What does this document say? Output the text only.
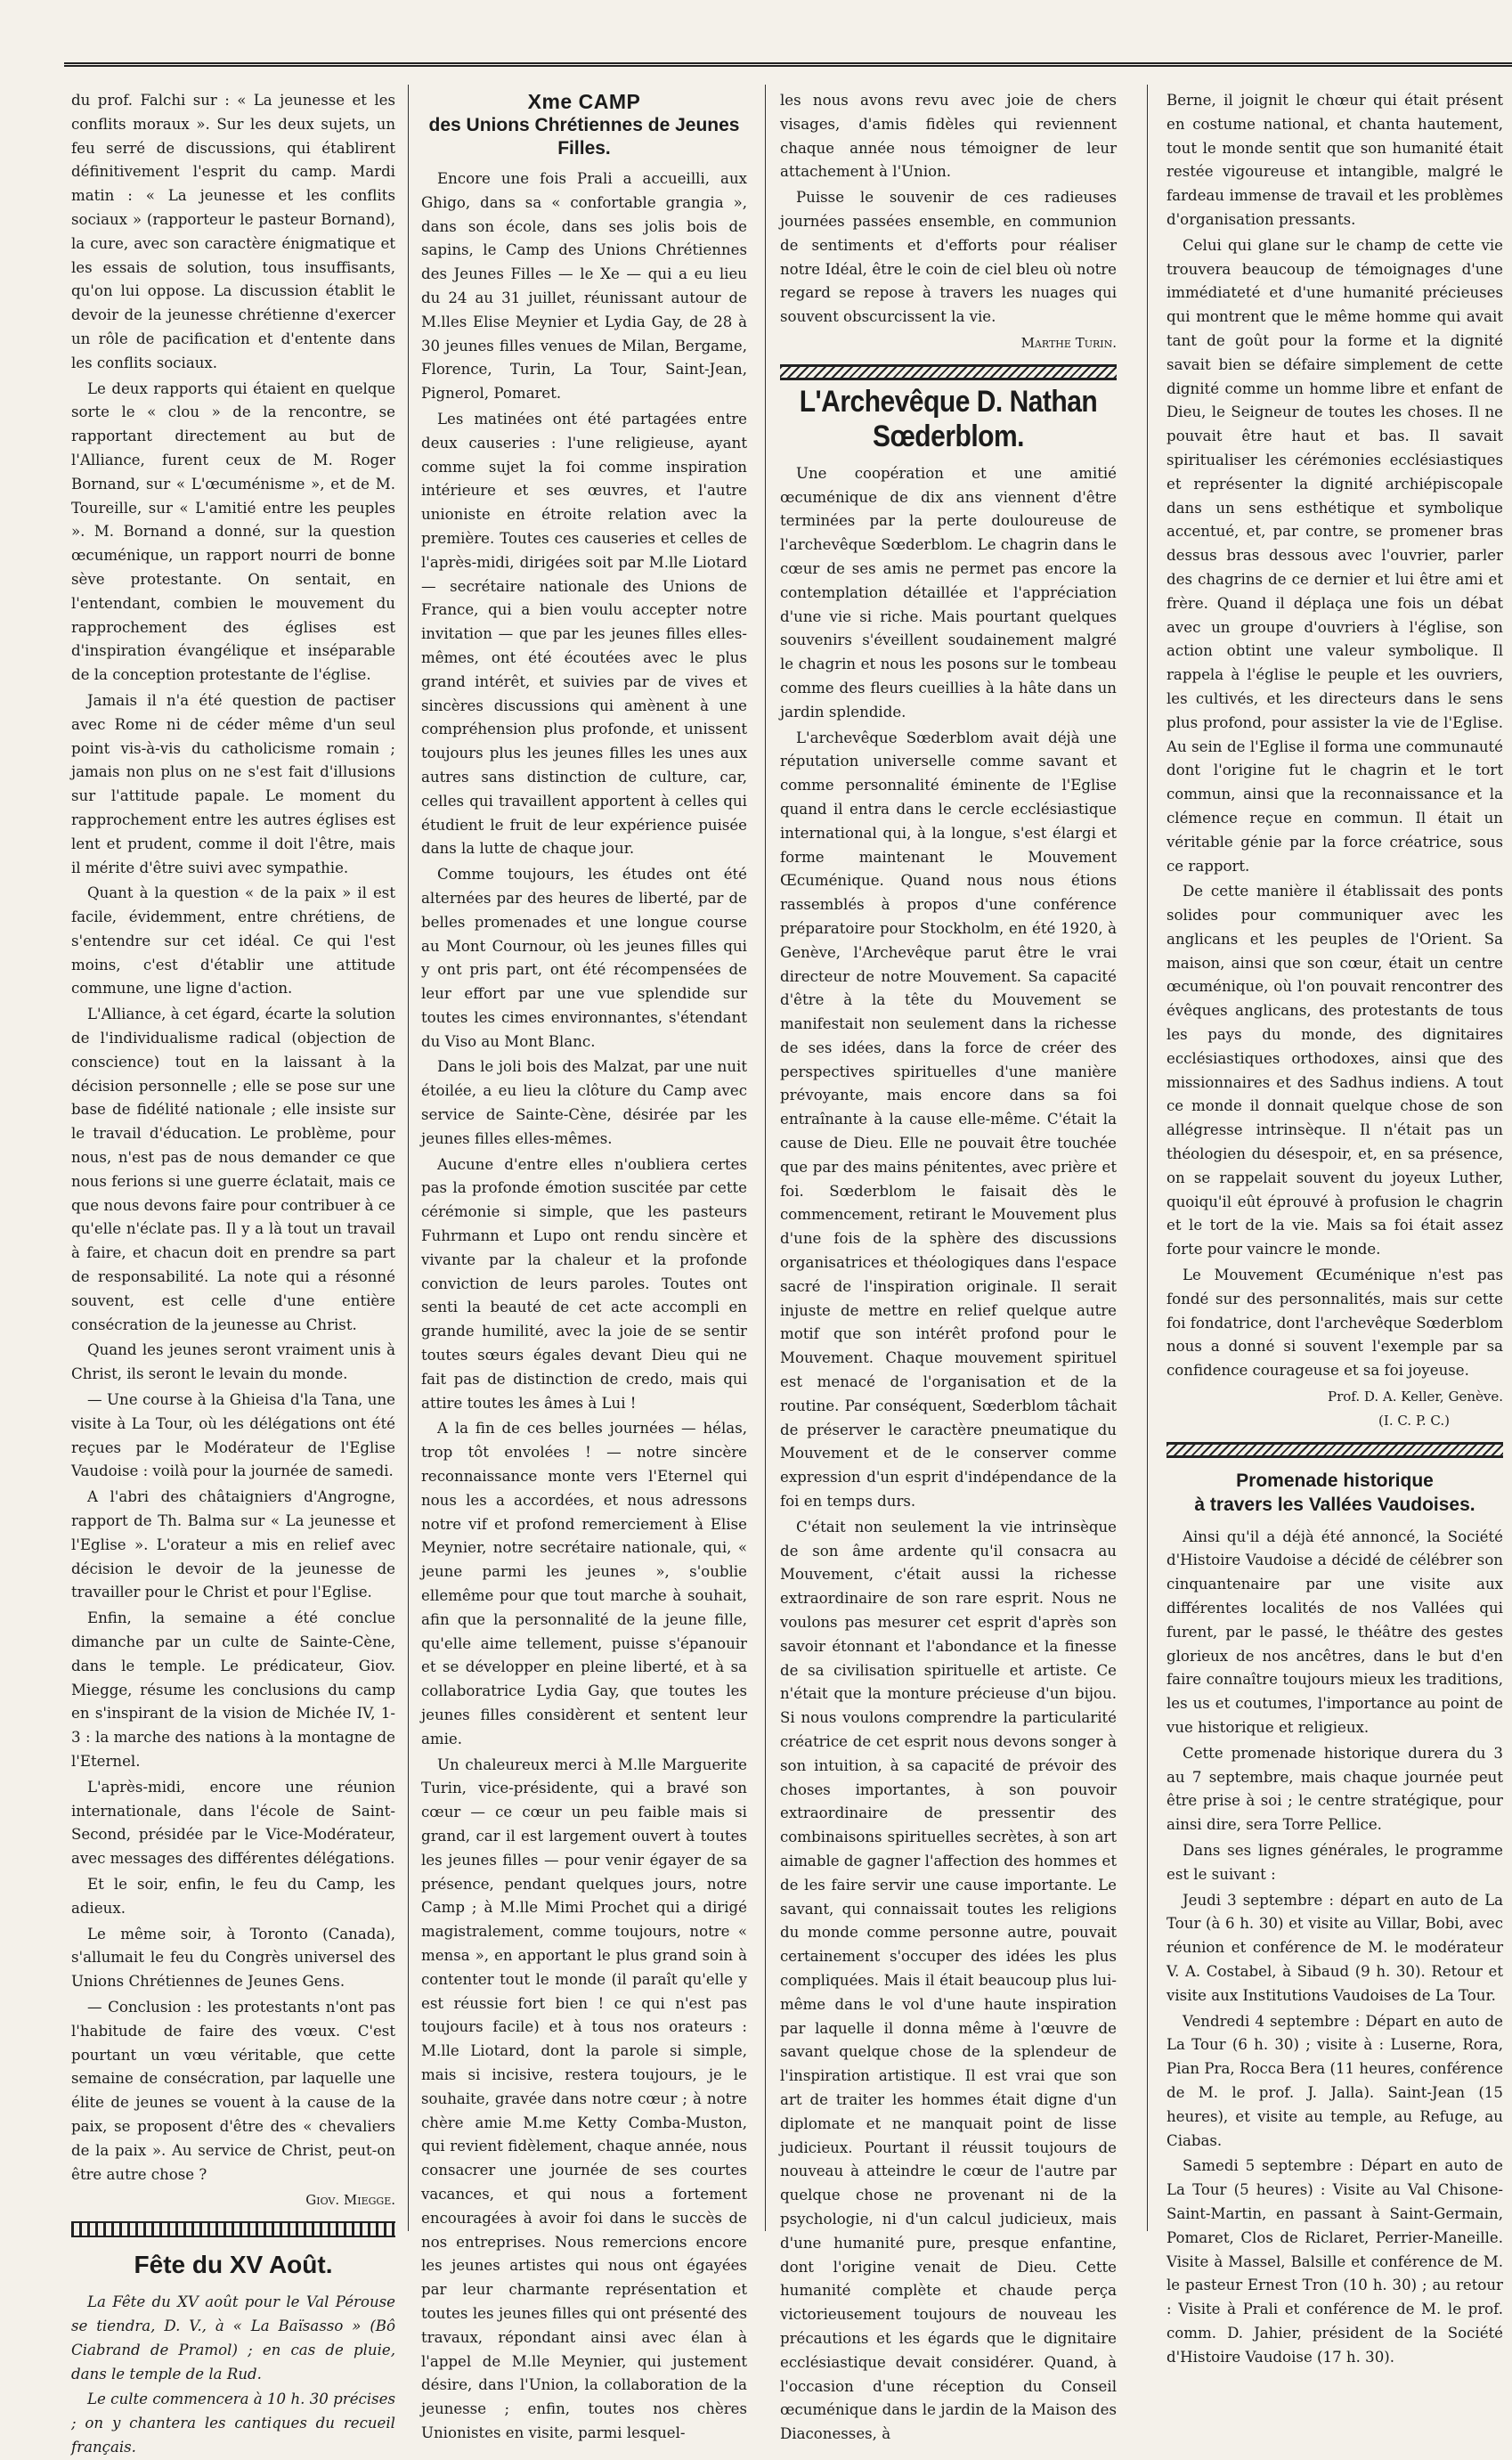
du prof. Falchi sur : « La jeunesse et les conflits moraux ». Sur les deux sujets, un feu serré de discussions, qui établirent définitivement l'esprit du camp. Mardi matin : « La jeunesse et les conflits sociaux » (rapporteur le pasteur Bornand), la cure, avec son caractère énigmatique et les essais de solution, tous insuffisants, qu'on lui oppose. La discussion établit le devoir de la jeunesse chrétienne d'exercer un rôle de pacification et d'entente dans les conflits sociaux.

Le deux rapports qui étaient en quelque sorte le « clou » de la rencontre, se rapportant directement au but de l'Alliance, furent ceux de M. Roger Bornand, sur « L'œcuménisme », et de M. Toureille, sur « L'amitié entre les peuples ». M. Bornand a donné, sur la question œcuménique, un rapport nourri de bonne sève protestante. On sentait, en l'entendant, combien le mouvement du rapprochement des églises est d'inspiration évangélique et inséparable de la conception protestante de l'église.

Jamais il n'a été question de pactiser avec Rome ni de céder même d'un seul point vis-à-vis du catholicisme romain ; jamais non plus on ne s'est fait d'illusions sur l'attitude papale. Le moment du rapprochement entre les autres églises est lent et prudent, comme il doit l'être, mais il mérite d'être suivi avec sympathie.

Quant à la question « de la paix » il est facile, évidemment, entre chrétiens, de s'entendre sur cet idéal. Ce qui l'est moins, c'est d'établir une attitude commune, une ligne d'action.

L'Alliance, à cet égard, écarte la solution de l'individualisme radical (objection de conscience) tout en la laissant à la décision personnelle ; elle se pose sur une base de fidélité nationale ; elle insiste sur le travail d'éducation. Le problème, pour nous, n'est pas de nous demander ce que nous ferions si une guerre éclatait, mais ce que nous devons faire pour contribuer à ce qu'elle n'éclate pas. Il y a là tout un travail à faire, et chacun doit en prendre sa part de responsabilité. La note qui a résonné souvent, est celle d'une entière consécration de la jeunesse au Christ.

Quand les jeunes seront vraiment unis à Christ, ils seront le levain du monde.

— Une course à la Ghieisa d'la Tana, une visite à La Tour, où les délégations ont été reçues par le Modérateur de l'Eglise Vaudoise : voilà pour la journée de samedi.

A l'abri des châtaigniers d'Angrogne, rapport de Th. Balma sur « La jeunesse et l'Eglise ». L'orateur a mis en relief avec décision le devoir de la jeunesse de travailler pour le Christ et pour l'Eglise.

Enfin, la semaine a été conclue dimanche par un culte de Sainte-Cène, dans le temple. Le prédicateur, Giov. Miegge, résume les conclusions du camp en s'inspirant de la vision de Michée IV, 1-3 : la marche des nations à la montagne de l'Eternel.

L'après-midi, encore une réunion internationale, dans l'école de Saint-Second, présidée par le Vice-Modérateur, avec messages des différentes délégations.

Et le soir, enfin, le feu du Camp, les adieux.

Le même soir, à Toronto (Canada), s'allumait le feu du Congrès universel des Unions Chrétiennes de Jeunes Gens.

— Conclusion : les protestants n'ont pas l'habitude de faire des vœux. C'est pourtant un vœu véritable, que cette semaine de consécration, par laquelle une élite de jeunes se vouent à la cause de la paix, se proposent d'être des « chevaliers de la paix ». Au service de Christ, peut-on être autre chose ?

Giov. Miegge.
Fête du XV Août.

La Fête du XV août pour le Val Pérouse se tiendra, D. V., à « La Baïsasso » (Bô Ciabrand de Pramol) ; en cas de pluie, dans le temple de la Rud.

Le culte commencera à 10 h. 30 précises ; on y chantera les cantiques du recueil français.

Xme CAMP
des Unions Chrétiennes de Jeunes Filles.

Encore une fois Prali a accueilli, aux Ghigo, dans sa « confortable grangia », dans son école, dans ses jolis bois de sapins, le Camp des Unions Chrétiennes des Jeunes Filles — le Xe — qui a eu lieu du 24 au 31 juillet, réunissant autour de M.lles Elise Meynier et Lydia Gay, de 28 à 30 jeunes filles venues de Milan, Bergame, Florence, Turin, La Tour, Saint-Jean, Pignerol, Pomaret.

Les matinées ont été partagées entre deux causeries : l'une religieuse, ayant comme sujet la foi comme inspiration intérieure et ses œuvres, et l'autre unioniste en étroite relation avec la première. Toutes ces causeries et celles de l'après-midi, dirigées soit par M.lle Liotard — secrétaire nationale des Unions de France, qui a bien voulu accepter notre invitation — que par les jeunes filles elles-mêmes, ont été écoutées avec le plus grand intérêt, et suivies par de vives et sincères discussions qui amènent à une compréhension plus profonde, et unissent toujours plus les jeunes filles les unes aux autres sans distinction de culture, car, celles qui travaillent apportent à celles qui étudient le fruit de leur expérience puisée dans la lutte de chaque jour.

Comme toujours, les études ont été alternées par des heures de liberté, par de belles promenades et une longue course au Mont Cournour, où les jeunes filles qui y ont pris part, ont été récompensées de leur effort par une vue splendide sur toutes les cimes environnantes, s'étendant du Viso au Mont Blanc.

Dans le joli bois des Malzat, par une nuit étoilée, a eu lieu la clôture du Camp avec service de Sainte-Cène, désirée par les jeunes filles elles-mêmes.

Aucune d'entre elles n'oubliera certes pas la profonde émotion suscitée par cette cérémonie si simple, que les pasteurs Fuhrmann et Lupo ont rendu sincère et vivante par la chaleur et la profonde conviction de leurs paroles. Toutes ont senti la beauté de cet acte accompli en grande humilité, avec la joie de se sentir toutes sœurs égales devant Dieu qui ne fait pas de distinction de credo, mais qui attire toutes les âmes à Lui !

A la fin de ces belles journées — hélas, trop tôt envolées ! — notre sincère reconnaissance monte vers l'Eternel qui nous les a accordées, et nous adressons notre vif et profond remerciement à Elise Meynier, notre secrétaire nationale, qui, « jeune parmi les jeunes », s'oublie ellemême pour que tout marche à souhait, afin que la personnalité de la jeune fille, qu'elle aime tellement, puisse s'épanouir et se développer en pleine liberté, et à sa collaboratrice Lydia Gay, que toutes les jeunes filles considèrent et sentent leur amie.

Un chaleureux merci à M.lle Marguerite Turin, vice-présidente, qui a bravé son cœur — ce cœur un peu faible mais si grand, car il est largement ouvert à toutes les jeunes filles — pour venir égayer de sa présence, pendant quelques jours, notre Camp ; à M.lle Mimi Prochet qui a dirigé magistralement, comme toujours, notre « mensa », en apportant le plus grand soin à contenter tout le monde (il paraît qu'elle y est réussie fort bien ! ce qui n'est pas toujours facile) et à tous nos orateurs : M.lle Liotard, dont la parole si simple, mais si incisive, restera toujours, je le souhaite, gravée dans notre cœur ; à notre chère amie M.me Ketty Comba-Muston, qui revient fidèlement, chaque année, nous consacrer une journée de ses courtes vacances, et qui nous a fortement encouragées à avoir foi dans le succès de nos entreprises. Nous remercions encore les jeunes artistes qui nous ont égayées par leur charmante représentation et toutes les jeunes filles qui ont présenté des travaux, répondant ainsi avec élan à l'appel de M.lle Meynier, qui justement désire, dans l'Union, la collaboration de la jeunesse ; enfin, toutes nos chères Unionistes en visite, parmi lesquel-

les nous avons revu avec joie de chers visages, d'amis fidèles qui reviennent chaque année nous témoigner de leur attachement à l'Union.

Puisse le souvenir de ces radieuses journées passées ensemble, en communion de sentiments et d'efforts pour réaliser notre Idéal, être le coin de ciel bleu où notre regard se repose à travers les nuages qui souvent obscurcissent la vie.

Marthe Turin.
L'Archevêque D. Nathan Sœderblom.

Une coopération et une amitié œcuménique de dix ans viennent d'être terminées par la perte douloureuse de l'archevêque Sœderblom. Le chagrin dans le cœur de ses amis ne permet pas encore la contemplation détaillée et l'appréciation d'une vie si riche. Mais pourtant quelques souvenirs s'éveillent soudainement malgré le chagrin et nous les posons sur le tombeau comme des fleurs cueillies à la hâte dans un jardin splendide.

L'archevêque Sœderblom avait déjà une réputation universelle comme savant et comme personnalité éminente de l'Eglise quand il entra dans le cercle ecclésiastique international qui, à la longue, s'est élargi et forme maintenant le Mouvement Œcuménique. Quand nous nous étions rassemblés à propos d'une conférence préparatoire pour Stockholm, en été 1920, à Genève, l'Archevêque parut être le vrai directeur de notre Mouvement. Sa capacité d'être à la tête du Mouvement se manifestait non seulement dans la richesse de ses idées, dans la force de créer des perspectives spirituelles d'une manière prévoyante, mais encore dans sa foi entraînante à la cause elle-même. C'était la cause de Dieu. Elle ne pouvait être touchée que par des mains pénitentes, avec prière et foi. Sœderblom le faisait dès le commencement, retirant le Mouvement plus d'une fois de la sphère des discussions organisatrices et théologiques dans l'espace sacré de l'inspiration originale. Il serait injuste de mettre en relief quelque autre motif que son intérêt profond pour le Mouvement. Chaque mouvement spirituel est menacé de l'organisation et de la routine. Par conséquent, Sœderblom tâchait de préserver le caractère pneumatique du Mouvement et de le conserver comme expression d'un esprit d'indépendance de la foi en temps durs.

C'était non seulement la vie intrinsèque de son âme ardente qu'il consacra au Mouvement, c'était aussi la richesse extraordinaire de son rare esprit. Nous ne voulons pas mesurer cet esprit d'après son savoir étonnant et l'abondance et la finesse de sa civilisation spirituelle et artiste. Ce n'était que la monture précieuse d'un bijou. Si nous voulons comprendre la particularité créatrice de cet esprit nous devons songer à son intuition, à sa capacité de prévoir des choses importantes, à son pouvoir extraordinaire de pressentir des combinaisons spirituelles secrètes, à son art aimable de gagner l'affection des hommes et de les faire servir une cause importante. Le savant, qui connaissait toutes les religions du monde comme personne autre, pouvait certainement s'occuper des idées les plus compliquées. Mais il était beaucoup plus lui-même dans le vol d'une haute inspiration par laquelle il donna même à l'œuvre de savant quelque chose de la splendeur de l'inspiration artistique. Il est vrai que son art de traiter les hommes était digne d'un diplomate et ne manquait point de lisse judicieux. Pourtant il réussit toujours de nouveau à atteindre le cœur de l'autre par quelque chose ne provenant ni de la psychologie, ni d'un calcul judicieux, mais d'une humanité pure, presque enfantine, dont l'origine venait de Dieu. Cette humanité complète et chaude perça victorieusement toujours de nouveau les précautions et les égards que le dignitaire ecclésiastique devait considérer. Quand, à l'occasion d'une réception du Conseil œcuménique dans le jardin de la Maison des Diaconesses, à

Berne, il joignit le chœur qui était présent en costume national, et chanta hautement, tout le monde sentit que son humanité était restée vigoureuse et intangible, malgré le fardeau immense de travail et les problèmes d'organisation pressants.

Celui qui glane sur le champ de cette vie trouvera beaucoup de témoignages d'une immédiateté et d'une humanité précieuses qui montrent que le même homme qui avait tant de goût pour la forme et la dignité savait bien se défaire simplement de cette dignité comme un homme libre et enfant de Dieu, le Seigneur de toutes les choses. Il ne pouvait être haut et bas. Il savait spiritualiser les cérémonies ecclésiastiques et représenter la dignité archiépiscopale dans un sens esthétique et symbolique accentué, et, par contre, se promener bras dessus bras dessous avec l'ouvrier, parler des chagrins de ce dernier et lui être ami et frère. Quand il déplaça une fois un débat avec un groupe d'ouvriers à l'église, son action obtint une valeur symbolique. Il rappela à l'église le peuple et les ouvriers, les cultivés, et les directeurs dans le sens plus profond, pour assister la vie de l'Eglise. Au sein de l'Eglise il forma une communauté dont l'origine fut le chagrin et le tort commun, ainsi que la reconnaissance et la clémence reçue en commun. Il était un véritable génie par la force créatrice, sous ce rapport.

De cette manière il établissait des ponts solides pour communiquer avec les anglicans et les peuples de l'Orient. Sa maison, ainsi que son cœur, était un centre œcuménique, où l'on pouvait rencontrer des évêques anglicans, des protestants de tous les pays du monde, des dignitaires ecclésiastiques orthodoxes, ainsi que des missionnaires et des Sadhus indiens. A tout ce monde il donnait quelque chose de son allégresse intrinsèque. Il n'était pas un théologien du désespoir, et, en sa présence, on se rappelait souvent du joyeux Luther, quoiqu'il eût éprouvé à profusion le chagrin et le tort de la vie. Mais sa foi était assez forte pour vaincre le monde.

Le Mouvement Œcuménique n'est pas fondé sur des personnalités, mais sur cette foi fondatrice, dont l'archevêque Sœderblom nous a donné si souvent l'exemple par sa confidence courageuse et sa foi joyeuse.

Prof. D. A. Keller, Genève.
(I. C. P. C.)
Promenade historique
à travers les Vallées Vaudoises.

Ainsi qu'il a déjà été annoncé, la Société d'Histoire Vaudoise a décidé de célébrer son cinquantenaire par une visite aux différentes localités de nos Vallées qui furent, par le passé, le théâtre des gestes glorieux de nos ancêtres, dans le but d'en faire connaître toujours mieux les traditions, les us et coutumes, l'importance au point de vue historique et religieux.

Cette promenade historique durera du 3 au 7 septembre, mais chaque journée peut être prise à soi ; le centre stratégique, pour ainsi dire, sera Torre Pellice.

Dans ses lignes générales, le programme est le suivant :

Jeudi 3 septembre : départ en auto de La Tour (à 6 h. 30) et visite au Villar, Bobi, avec réunion et conférence de M. le modérateur V. A. Costabel, à Sibaud (9 h. 30). Retour et visite aux Institutions Vaudoises de La Tour.

Vendredi 4 septembre : Départ en auto de La Tour (6 h. 30) ; visite à : Luserne, Rora, Pian Pra, Rocca Bera (11 heures, conférence de M. le prof. J. Jalla). Saint-Jean (15 heures), et visite au temple, au Refuge, au Ciabas.

Samedi 5 septembre : Départ en auto de La Tour (5 heures) : Visite au Val Chisone-Saint-Martin, en passant à Saint-Germain, Pomaret, Clos de Riclaret, Perrier-Maneille. Visite à Massel, Balsille et conférence de M. le pasteur Ernest Tron (10 h. 30) ; au retour : Visite à Prali et conférence de M. le prof. comm. D. Jahier, président de la Société d'Histoire Vaudoise (17 h. 30).
